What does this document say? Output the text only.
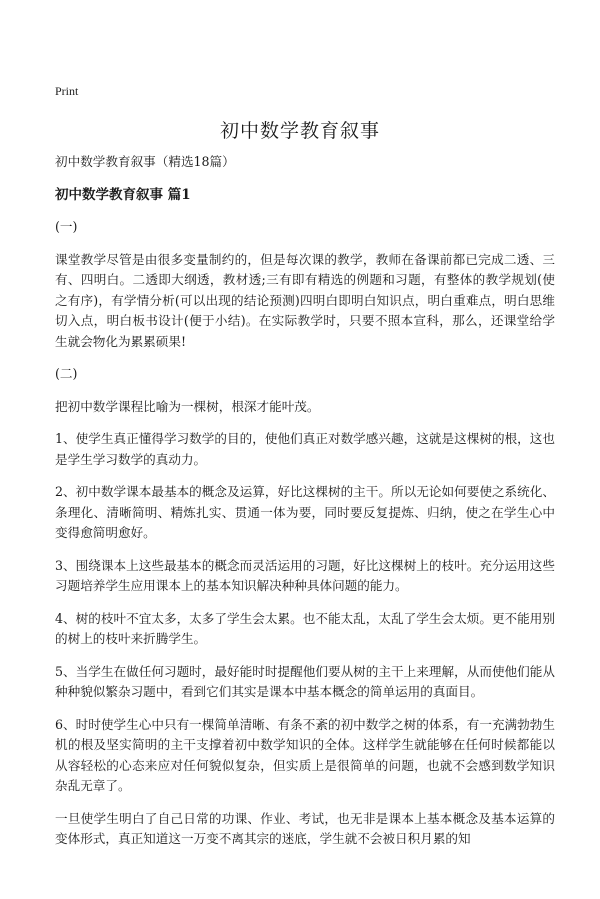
Print
初中数学教育叙事

初中数学教育叙事（精选18篇）

初中数学教育叙事 篇1

(一)

课堂教学尽管是由很多变量制约的，但是每次课的教学，教师在备课前都已完成二透、三有、四明白。二透即大纲透，教材透;三有即有精选的例题和习题，有整体的教学规划(使之有序)，有学情分析(可以出现的结论预测)四明白即明白知识点，明白重难点，明白思维切入点，明白板书设计(便于小结)。在实际教学时，只要不照本宣科，那么，还课堂给学生就会物化为累累硕果!

(二)

把初中数学课程比喻为一棵树，根深才能叶茂。

1、使学生真正懂得学习数学的目的，使他们真正对数学感兴趣，这就是这棵树的根，这也是学生学习数学的真动力。

2、初中数学课本最基本的概念及运算，好比这棵树的主干。所以无论如何要使之系统化、条理化、清晰简明、精炼扎实、贯通一体为要，同时要反复提炼、归纳，使之在学生心中变得愈简明愈好。

3、围绕课本上这些最基本的概念而灵活运用的习题，好比这棵树上的枝叶。充分运用这些习题培养学生应用课本上的基本知识解决种种具体问题的能力。

4、树的枝叶不宜太多，太多了学生会太累。也不能太乱，太乱了学生会太烦。更不能用别的树上的枝叶来折腾学生。

5、当学生在做任何习题时，最好能时时提醒他们要从树的主干上来理解，从而使他们能从种种貌似繁杂习题中，看到它们其实是课本中基本概念的简单运用的真面目。

6、时时使学生心中只有一棵简单清晰、有条不紊的初中数学之树的体系，有一充满勃勃生机的根及坚实简明的主干支撑着初中数学知识的全体。这样学生就能够在任何时候都能以从容轻松的心态来应对任何貌似复杂，但实质上是很简单的问题，也就不会感到数学知识杂乱无章了。

一旦使学生明白了自己日常的功课、作业、考试，也无非是课本上基本概念及基本运算的变体形式，真正知道这一万变不离其宗的迷底，学生就不会被日积月累的知
